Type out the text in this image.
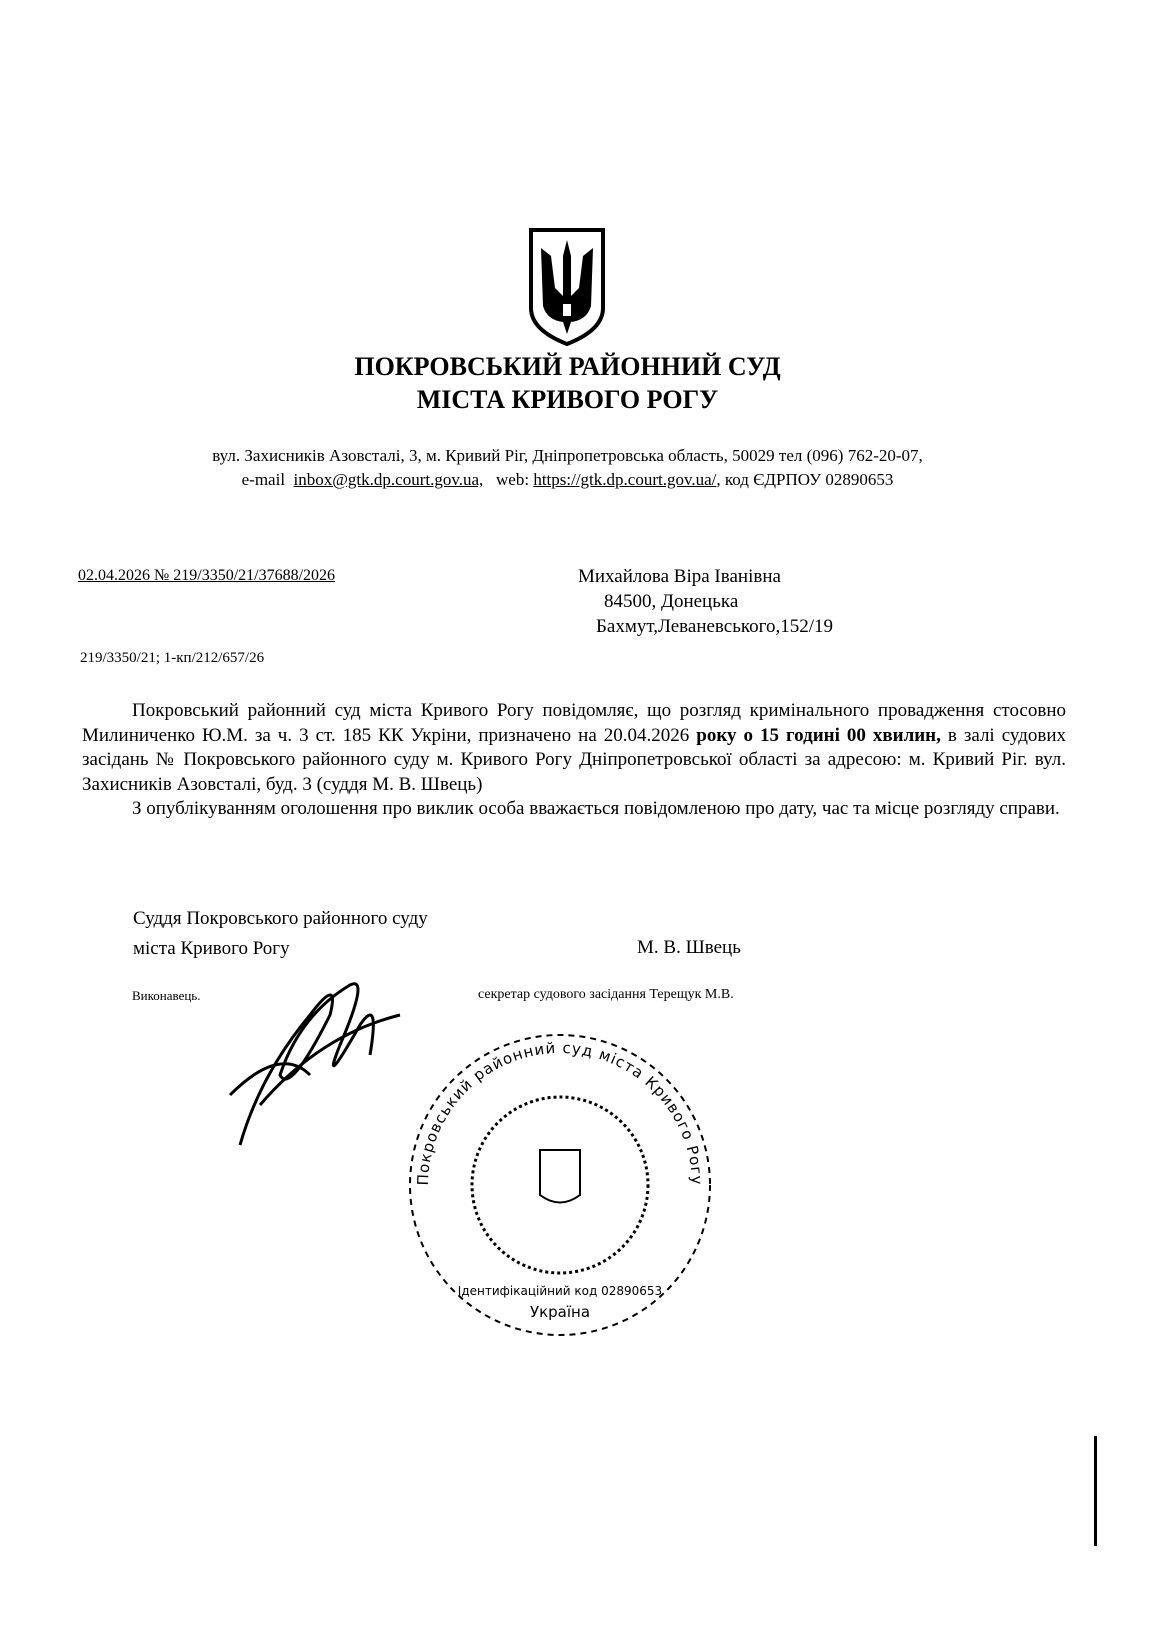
ПОКРОВСЬКИЙ РАЙОННИЙ СУД
МІСТА КРИВОГО РОГУ
вул. Захисників Азовсталі, 3, м. Кривий Ріг, Дніпропетровська область, 50029 тел (096) 762-20-07,
e-mail inbox@gtk.dp.court.gov.ua, web: https://gtk.dp.court.gov.ua/, код ЄДРПОУ 02890653
02.04.2026 № 219/3350/21/37688/2026
219/3350/21; 1-кп/212/657/26
Михайлова Віра Іванівна
84500, Донецька
Бахмут,Леваневського,152/19

Покровський районний суд міста Кривого Рогу повідомляє, що розгляд кримінального провадження стосовно Милиниченко Ю.М. за ч. 3 ст. 185 КК Укріни, призначено на 20.04.2026 року о 15 годині 00 хвилин, в залі судових засідань № Покровського районного суду м. Кривого Рогу Дніпропетровської області за адресою: м. Кривий Ріг. вул. Захисників Азовсталі, буд. 3 (суддя М. В. Швець)

З опублікуванням оголошення про виклик особа вважається повідомленою про дату, час та місце розгляду справи.

Суддя Покровського районного суду
міста Кривого Рогу	М. В. Швець
Виконавець.	секретар судового засідання Терещук М.В.
Покровський районний суд міста Кривого Рогу
Ідентифікаційний код 02890653
Україна
